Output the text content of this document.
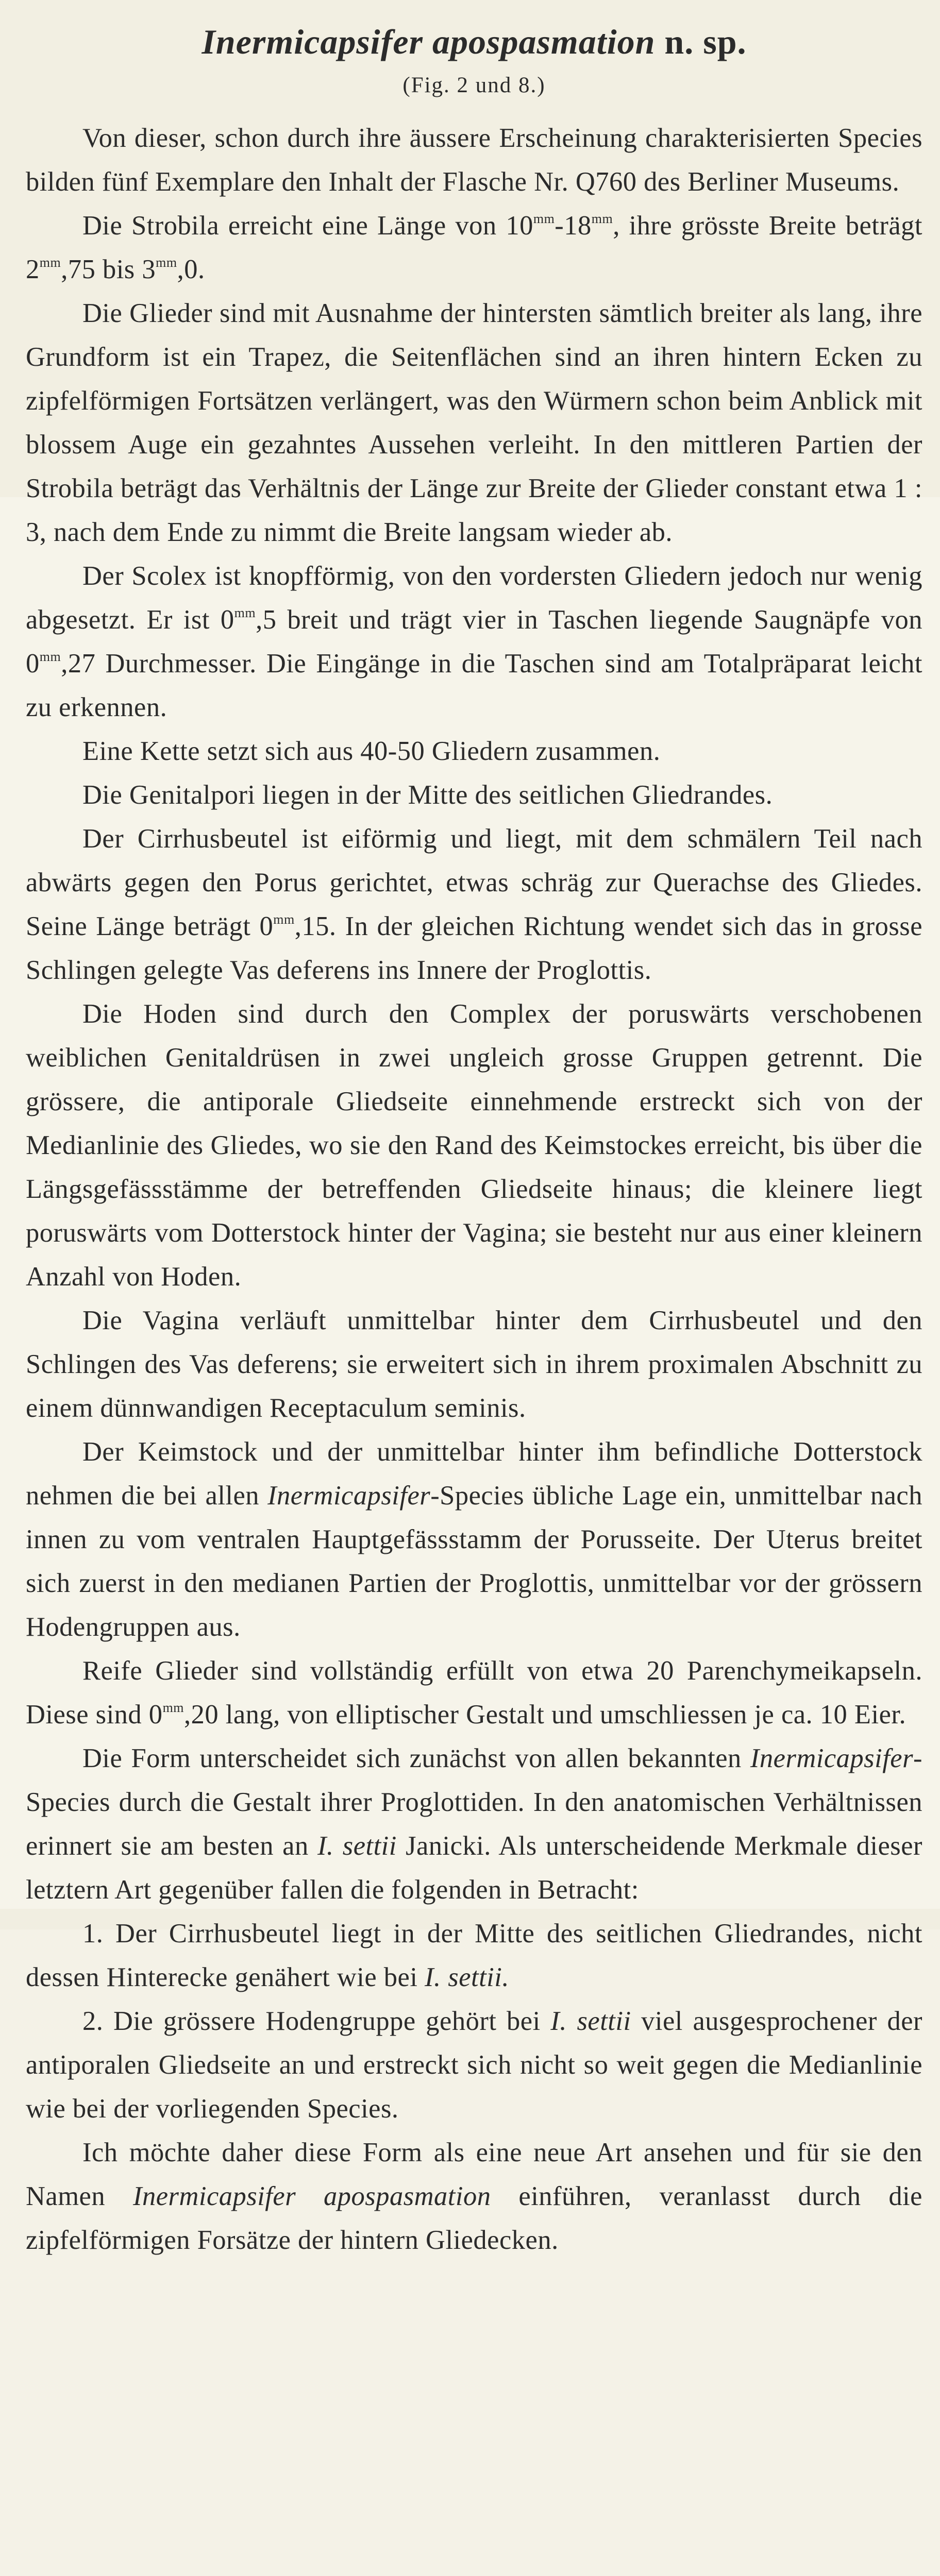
Inermicapsifer apospasmation n. sp.
(Fig. 2 und 8.)

Von dieser, schon durch ihre äussere Erscheinung charakterisierten Species bilden fünf Exemplare den Inhalt der Flasche Nr. Q760 des Berliner Museums.

Die Strobila erreicht eine Länge von $10^{mm}-18^{mm}$, ihre grösste Breite beträgt $2^{mm},75$ bis $3^{mm},0$.

Die Glieder sind mit Ausnahme der hintersten sämtlich breiter als lang, ihre Grundform ist ein Trapez, die Seitenflächen sind an ihren hintern Ecken zu zipfelförmigen Fortsätzen verlängert, was den Würmern schon beim Anblick mit blossem Auge ein gezahntes Aussehen verleiht. In den mittleren Partien der Strobila beträgt das Verhältnis der Länge zur Breite der Glieder constant etwa 1 : 3, nach dem Ende zu nimmt die Breite langsam wieder ab.

Der Scolex ist knopfförmig, von den vordersten Gliedern jedoch nur wenig abgesetzt. Er ist $0^{mm},5$ breit und trägt vier in Taschen liegende Saugnäpfe von $0^{mm},27$ Durchmesser. Die Eingänge in die Taschen sind am Totalpräparat leicht zu erkennen.

Eine Kette setzt sich aus 40-50 Gliedern zusammen.

Die Genitalpori liegen in der Mitte des seitlichen Gliedrandes.

Der Cirrhusbeutel ist eiförmig und liegt, mit dem schmälern Teil nach abwärts gegen den Porus gerichtet, etwas schräg zur Querachse des Gliedes. Seine Länge beträgt $0^{mm},15$. In der gleichen Richtung wendet sich das in grosse Schlingen gelegte Vas deferens ins Innere der Proglottis.

Die Hoden sind durch den Complex der poruswärts verschobenen weiblichen Genitaldrüsen in zwei ungleich grosse Gruppen getrennt. Die grössere, die antiporale Gliedseite einnehmende erstreckt sich von der Medianlinie des Gliedes, wo sie den Rand des Keimstockes erreicht, bis über die Längsgefässstämme der betreffenden Gliedseite hinaus; die kleinere liegt poruswärts vom Dotterstock hinter der Vagina; sie besteht nur aus einer kleinern Anzahl von Hoden.

Die Vagina verläuft unmittelbar hinter dem Cirrhusbeutel und den Schlingen des Vas deferens; sie erweitert sich in ihrem proximalen Abschnitt zu einem dünnwandigen Receptaculum seminis.

Der Keimstock und der unmittelbar hinter ihm befindliche Dotterstock nehmen die bei allen Inermicapsifer-Species übliche Lage ein, unmittelbar nach innen zu vom ventralen Hauptgefässstamm der Porusseite. Der Uterus breitet sich zuerst in den medianen Partien der Proglottis, unmittelbar vor der grössern Hodengruppen aus.

Reife Glieder sind vollständig erfüllt von etwa 20 Parenchymeikapseln. Diese sind $0^{mm},20$ lang, von elliptischer Gestalt und umschliessen je ca. 10 Eier.

Die Form unterscheidet sich zunächst von allen bekannten Inermicapsifer-Species durch die Gestalt ihrer Proglottiden. In den anatomischen Verhältnissen erinnert sie am besten an I. settii Janicki. Als unterscheidende Merkmale dieser letztern Art gegenüber fallen die folgenden in Betracht:

1. Der Cirrhusbeutel liegt in der Mitte des seitlichen Gliedrandes, nicht dessen Hinterecke genähert wie bei I. settii.

2. Die grössere Hodengruppe gehört bei I. settii viel ausgesprochener der antiporalen Gliedseite an und erstreckt sich nicht so weit gegen die Medianlinie wie bei der vorliegenden Species.

Ich möchte daher diese Form als eine neue Art ansehen und für sie den Namen Inermicapsifer apospasmation einführen, veranlasst durch die zipfelförmigen Forsätze der hintern Gliedecken.
